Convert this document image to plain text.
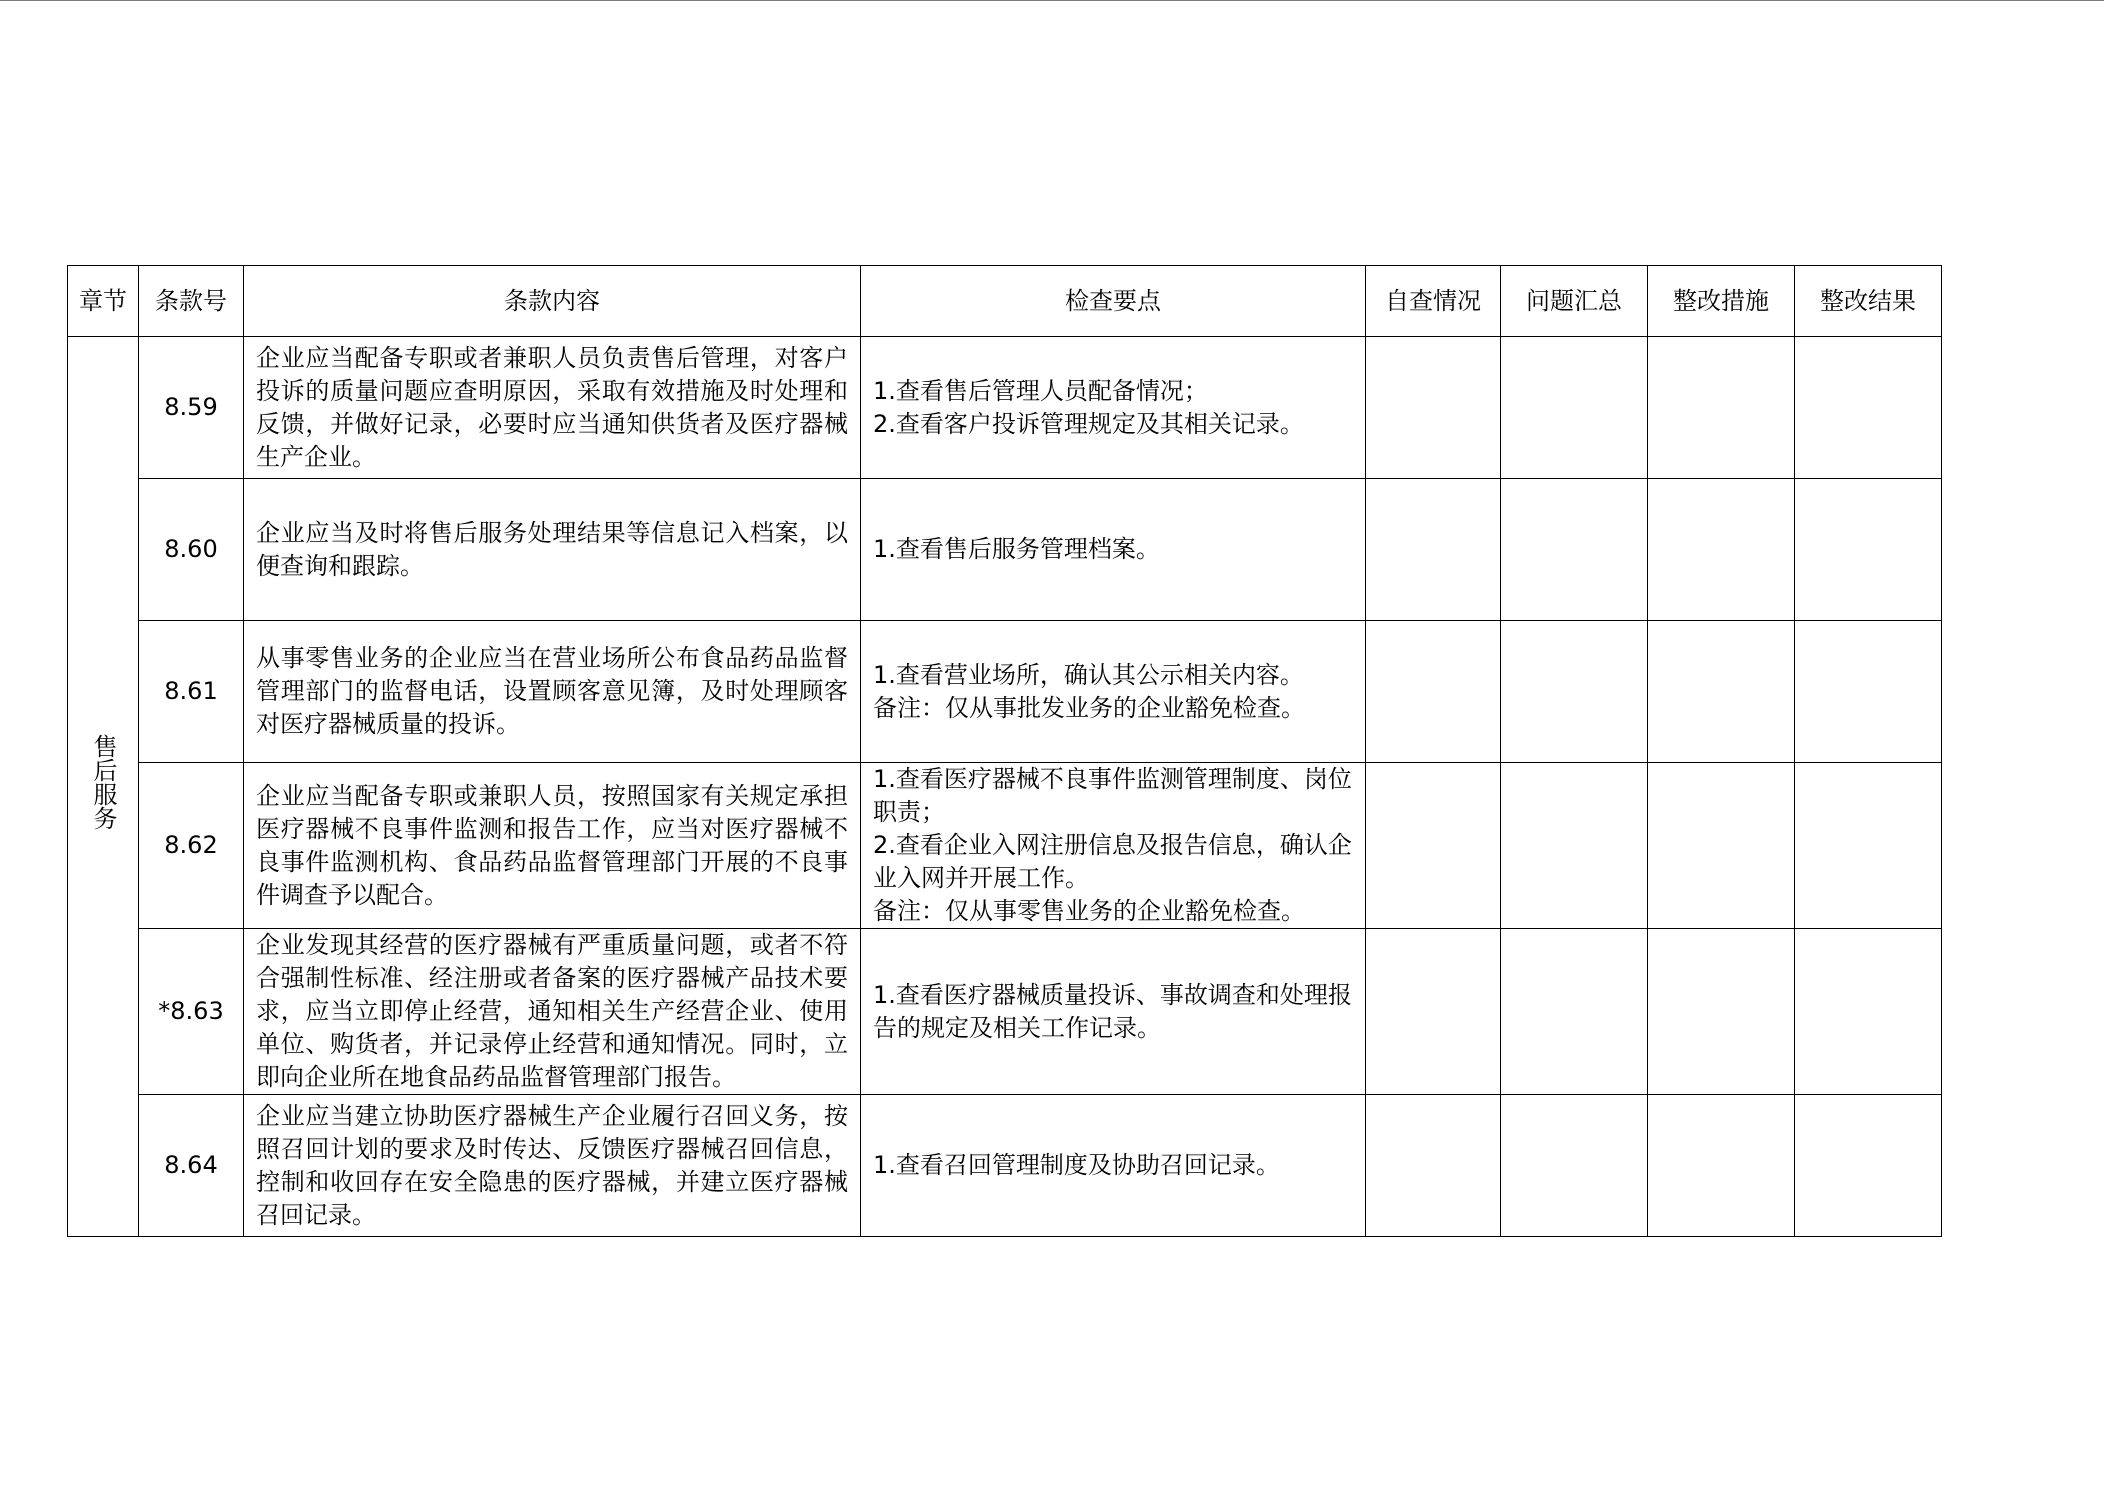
章节	条款号	条款内容	检查要点	自查情况	问题汇总	整改措施	整改结果
售后服务	8.59	企业应当配备专职或者兼职人员负责售后管理，对客户投诉的质量问题应查明原因，采取有效措施及时处理和反馈，并做好记录，必要时应当通知供货者及医疗器械生产企业。	1.查看售后管理人员配备情况；
2.查看客户投诉管理规定及其相关记录。				

	8.60	企业应当及时将售后服务处理结果等信息记入档案，以便查询和跟踪。	1.查看售后服务管理档案。				

	8.61	从事零售业务的企业应当在营业场所公布食品药品监督管理部门的监督电话，设置顾客意见簿，及时处理顾客对医疗器械质量的投诉。	1.查看营业场所，确认其公示相关内容。
备注：仅从事批发业务的企业豁免检查。				

	8.62	企业应当配备专职或兼职人员，按照国家有关规定承担医疗器械不良事件监测和报告工作，应当对医疗器械不良事件监测机构、食品药品监督管理部门开展的不良事件调查予以配合。	1.查看医疗器械不良事件监测管理制度、岗位职责；
2.查看企业入网注册信息及报告信息，确认企业入网并开展工作。
备注：仅从事零售业务的企业豁免检查。				

	*8.63	企业发现其经营的医疗器械有严重质量问题，或者不符合强制性标准、经注册或者备案的医疗器械产品技术要求，应当立即停止经营，通知相关生产经营企业、使用单位、购货者，并记录停止经营和通知情况。同时，立即向企业所在地食品药品监督管理部门报告。	1.查看医疗器械质量投诉、事故调查和处理报告的规定及相关工作记录。				

	8.64	企业应当建立协助医疗器械生产企业履行召回义务，按照召回计划的要求及时传达、反馈医疗器械召回信息，控制和收回存在安全隐患的医疗器械，并建立医疗器械召回记录。	1.查看召回管理制度及协助召回记录。				
